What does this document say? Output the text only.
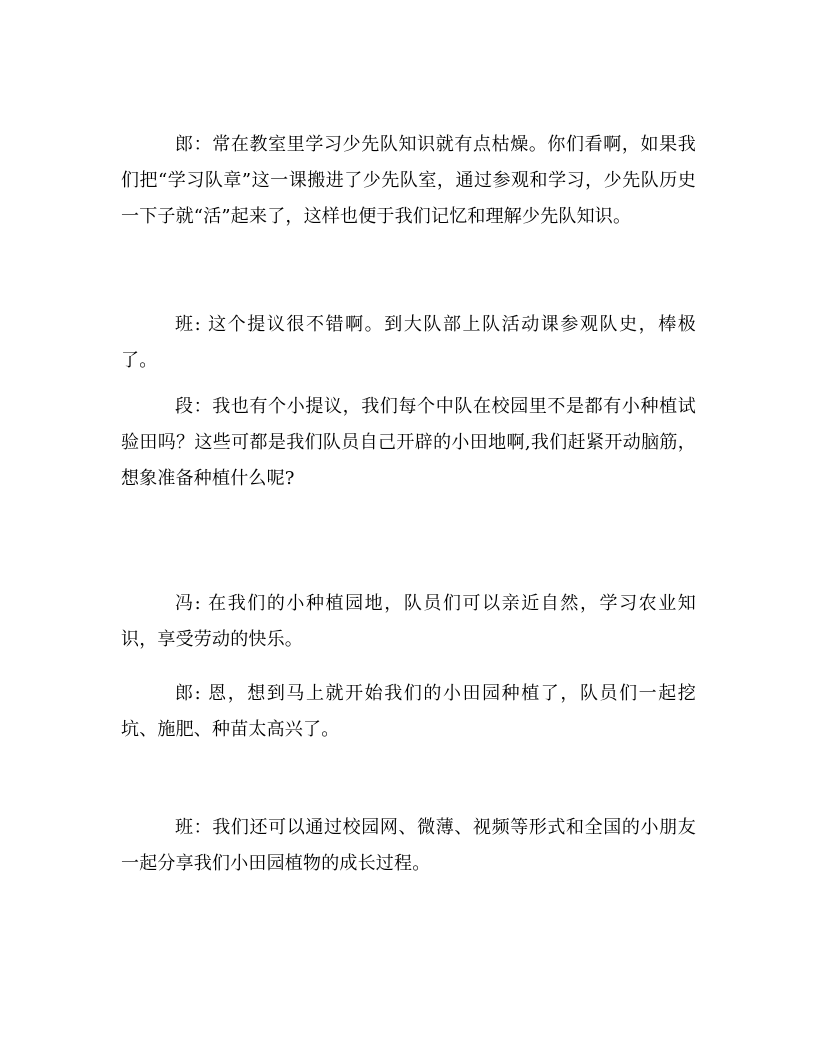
郎：常在教室里学习少先队知识就有点枯燥。你们看啊，如果我们把“学习队章”这一课搬进了少先队室，通过参观和学习，少先队历史一下子就“活”起来了，这样也便于我们记忆和理解少先队知识。

班: 这个提议很不错啊。到大队部上队活动课参观队史，棒极了。

段：我也有个小提议，我们每个中队在校园里不是都有小种植试验田吗？这些可都是我们队员自己开辟的小田地啊,我们赶紧开动脑筋，想象准备种植什么呢?

冯: 在我们的小种植园地，队员们可以亲近自然，学习农业知识，享受劳动的快乐。

郎: 恩，想到马上就开始我们的小田园种植了，队员们一起挖坑、施肥、种苗太高兴了。

班：我们还可以通过校园网、微薄、视频等形式和全国的小朋友一起分享我们小田园植物的成长过程。
